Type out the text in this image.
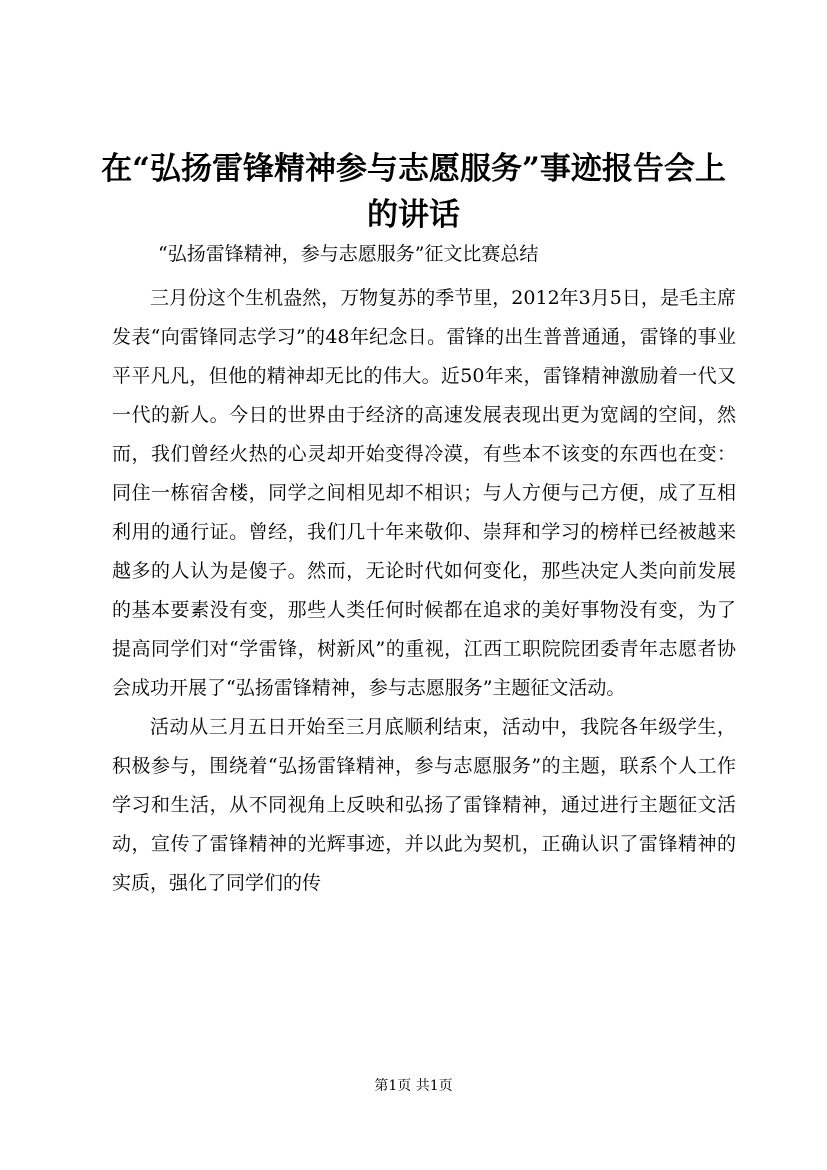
在“弘扬雷锋精神参与志愿服务”事迹报告会上的讲话

“弘扬雷锋精神，参与志愿服务”征文比赛总结

三月份这个生机盎然，万物复苏的季节里，2012年3月5日，是毛主席发表“向雷锋同志学习”的48年纪念日。雷锋的出生普普通通，雷锋的事业平平凡凡，但他的精神却无比的伟大。近50年来，雷锋精神激励着一代又一代的新人。今日的世界由于经济的高速发展表现出更为宽阔的空间，然而，我们曾经火热的心灵却开始变得冷漠，有些本不该变的东西也在变：同住一栋宿舍楼，同学之间相见却不相识；与人方便与己方便，成了互相利用的通行证。曾经，我们几十年来敬仰、崇拜和学习的榜样已经被越来越多的人认为是傻子。然而，无论时代如何变化，那些决定人类向前发展的基本要素没有变，那些人类任何时候都在追求的美好事物没有变，为了提高同学们对“学雷锋，树新风”的重视，江西工职院院团委青年志愿者协会成功开展了“弘扬雷锋精神，参与志愿服务”主题征文活动。

活动从三月五日开始至三月底顺利结束，活动中，我院各年级学生，积极参与，围绕着“弘扬雷锋精神，参与志愿服务”的主题，联系个人工作学习和生活，从不同视角上反映和弘扬了雷锋精神，通过进行主题征文活动，宣传了雷锋精神的光辉事迹，并以此为契机，正确认识了雷锋精神的实质，强化了同学们的传

第1页 共1页
